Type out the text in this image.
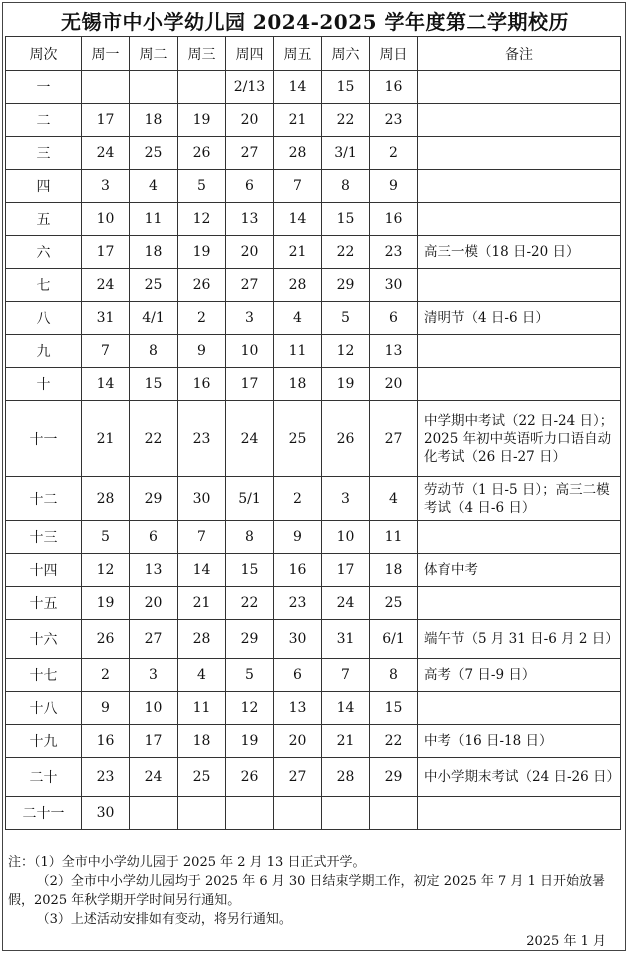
无锡市中小学幼儿园 2024-2025 学年度第二学期校历
周次	周一	周二	周三	周四	周五	周六	周日	备注
一				2/13	14	15	16	
二	17	18	19	20	21	22	23	
三	24	25	26	27	28	3/1	2	
四	3	4	5	6	7	8	9	
五	10	11	12	13	14	15	16	
六	17	18	19	20	21	22	23	高三一模（18 日-20 日）
七	24	25	26	27	28	29	30	
八	31	4/1	2	3	4	5	6	清明节（4 日-6 日）
九	7	8	9	10	11	12	13	
十	14	15	16	17	18	19	20	
十一	21	22	23	24	25	26	27	中学期中考试（22 日-24 日）；2025 年初中英语听力口语自动化考试（26 日-27 日）
十二	28	29	30	5/1	2	3	4	劳动节（1 日-5 日）；高三二模考试（4 日-6 日）
十三	5	6	7	8	9	10	11	
十四	12	13	14	15	16	17	18	体育中考
十五	19	20	21	22	23	24	25	
十六	26	27	28	29	30	31	6/1	端午节（5 月 31 日-6 月 2 日）
十七	2	3	4	5	6	7	8	高考（7 日-9 日）
十八	9	10	11	12	13	14	15	
十九	16	17	18	19	20	21	22	中考（16 日-18 日）
二十	23	24	25	26	27	28	29	中小学期末考试（24 日-26 日）
二十一	30							

注：（1）全市中小学幼儿园于 2025 年 2 月 13 日正式开学。

（2）全市中小学幼儿园均于 2025 年 6 月 30 日结束学期工作，初定 2025 年 7 月 1 日开始放暑假，2025 年秋学期开学时间另行通知。

（3）上述活动安排如有变动，将另行通知。

2025 年 1 月
